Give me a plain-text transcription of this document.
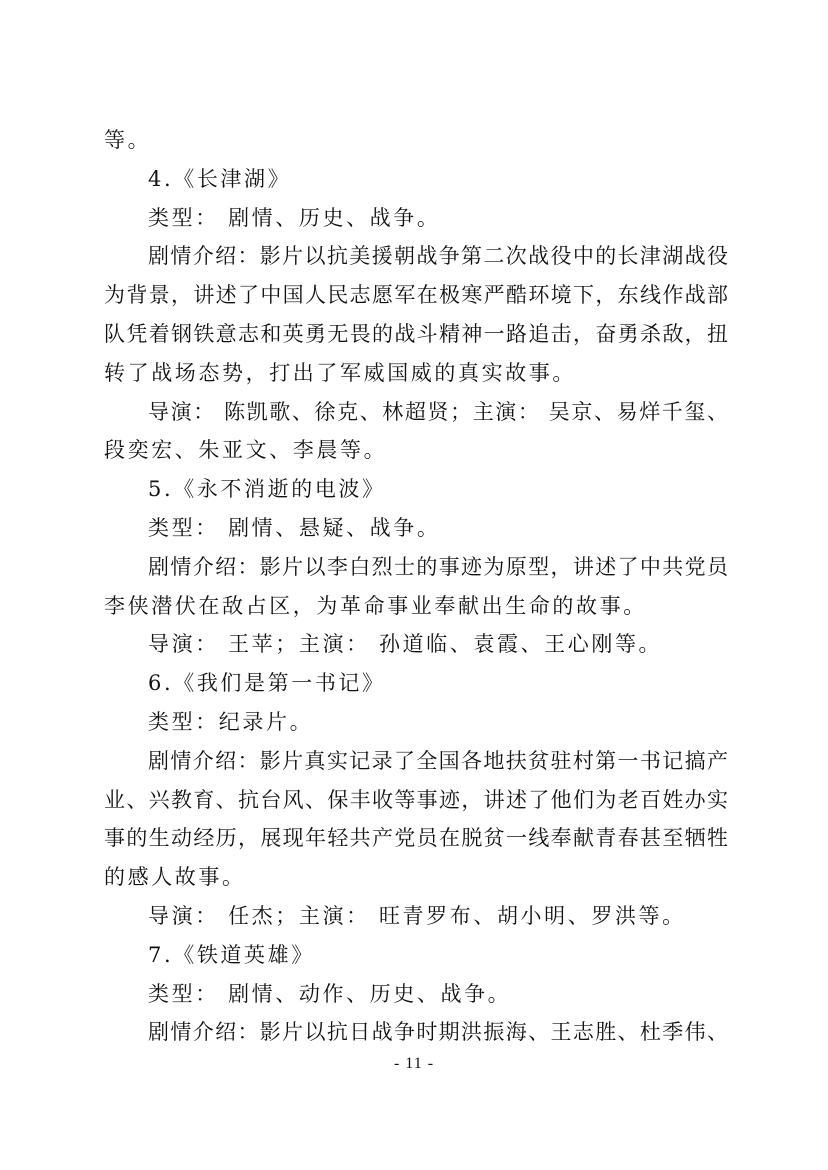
等。
4.《长津湖》
类型： 剧情、历史、战争。
剧情介绍：影片以抗美援朝战争第二次战役中的长津湖战役
为背景，讲述了中国人民志愿军在极寒严酷环境下，东线作战部
队凭着钢铁意志和英勇无畏的战斗精神一路追击，奋勇杀敌，扭
转了战场态势，打出了军威国威的真实故事。
导演： 陈凯歌、徐克、林超贤；主演： 吴京、易烊千玺、
段奕宏、朱亚文、李晨等。
5.《永不消逝的电波》
类型： 剧情、悬疑、战争。
剧情介绍：影片以李白烈士的事迹为原型，讲述了中共党员
李侠潜伏在敌占区，为革命事业奉献出生命的故事。
导演： 王苹；主演： 孙道临、袁霞、王心刚等。
6.《我们是第一书记》
类型：纪录片。
剧情介绍：影片真实记录了全国各地扶贫驻村第一书记搞产
业、兴教育、抗台风、保丰收等事迹，讲述了他们为老百姓办实
事的生动经历，展现年轻共产党员在脱贫一线奉献青春甚至牺牲
的感人故事。
导演： 任杰；主演： 旺青罗布、胡小明、罗洪等。
7.《铁道英雄》
类型： 剧情、动作、历史、战争。
剧情介绍：影片以抗日战争时期洪振海、王志胜、杜季伟、
- 11 -
